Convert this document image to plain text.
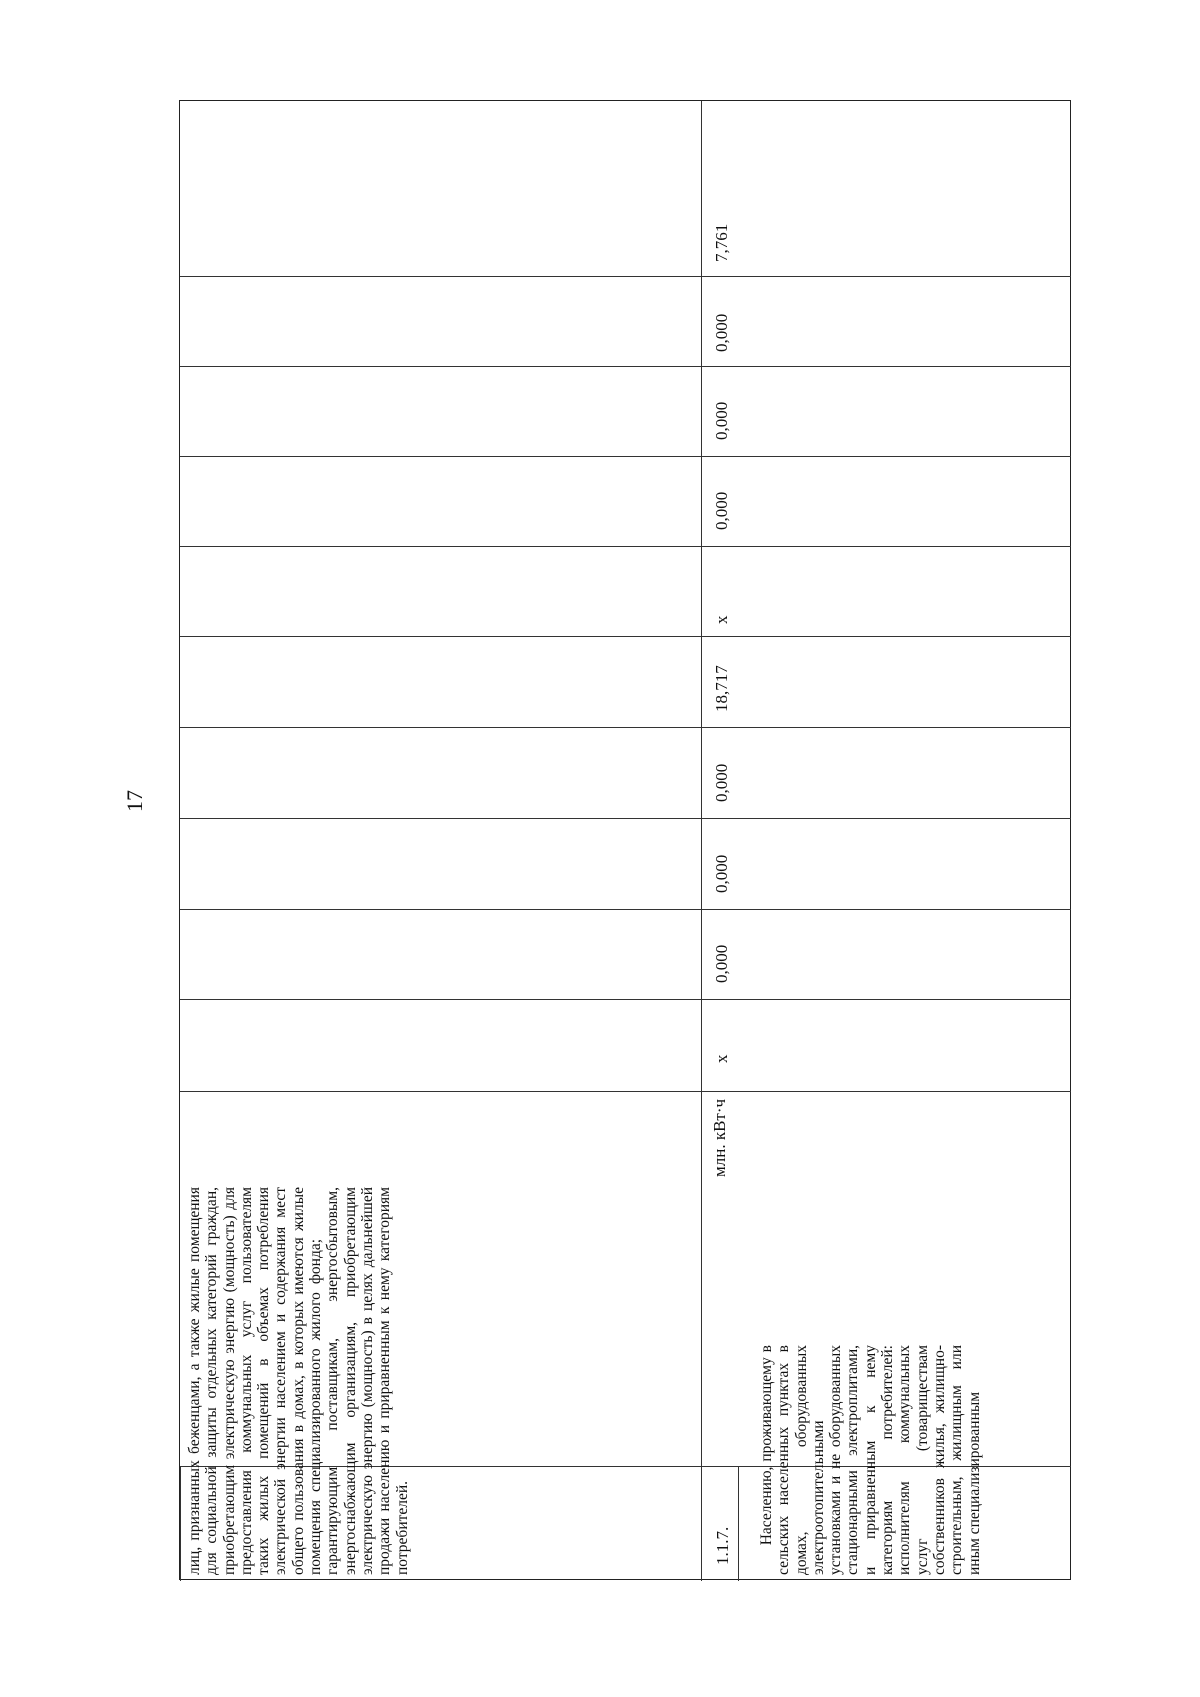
17
лиц, признанных беженцами, а также жилые помещения для социальной защиты отдельных категорий граждан, приобретающим электрическую энергию (мощность) для предоставления коммунальных услуг пользователям таких жилых помещений в объемах потребления электрической энергии населением и содержания мест общего пользования в домах, в которых имеются жилые помещения специализированного жилого фонда;        гарантирующим поставщикам, энергосбытовым, энергоснабжающим организациям, приобретающим электрическую энергию (мощность) в целях дальнейшей продажи населению и приравненным к нему категориям потребителей.	1.1.7. Населению, проживающему в сельских населенных пунктах в домах, оборудованных электроотопительными установками и не оборудованных стационарными электроплитами, и приравненным к нему категориям потребителей: исполнителям коммунальных услуг (товариществам собственников жилья, жилищно-строительным, жилищным или иным специализированным
млн. кВт·ч
х
0,000
0,000
0,000
18,717
х
0,000
0,000
0,000
7,761
